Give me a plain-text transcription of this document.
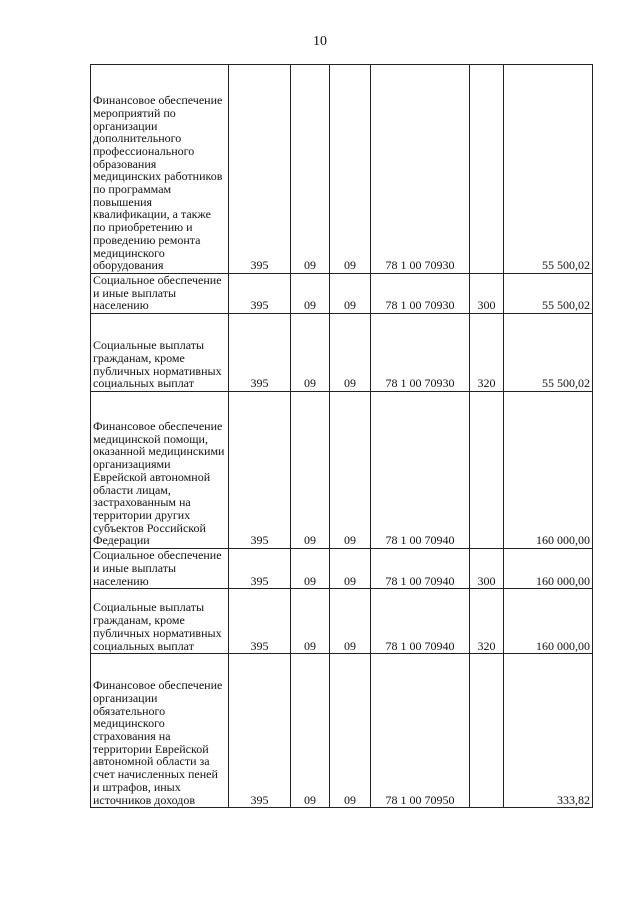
10
Финансовое обеспечение мероприятий по организации дополнительного профессионального образования медицинских работников по программам повышения квалификации, а также по приобретению и проведению ремонта медицинского оборудования	395	09	09	78 1 00 70930		55 500,02
Социальное обеспечение и иные выплаты населению	395	09	09	78 1 00 70930	300	55 500,02
Социальные выплаты гражданам, кроме публичных нормативных социальных выплат	395	09	09	78 1 00 70930	320	55 500,02
Финансовое обеспечение медицинской помощи, оказанной медицинскими организациями Еврейской автономной области лицам, застрахованным на территории других субъектов Российской Федерации	395	09	09	78 1 00 70940		160 000,00
Социальное обеспечение и иные выплаты населению	395	09	09	78 1 00 70940	300	160 000,00
Социальные выплаты гражданам, кроме публичных нормативных социальных выплат	395	09	09	78 1 00 70940	320	160 000,00
Финансовое обеспечение организации обязательного медицинского страхования на территории Еврейской автономной области за счет начисленных пеней и штрафов, иных источников доходов	395	09	09	78 1 00 70950		333,82
